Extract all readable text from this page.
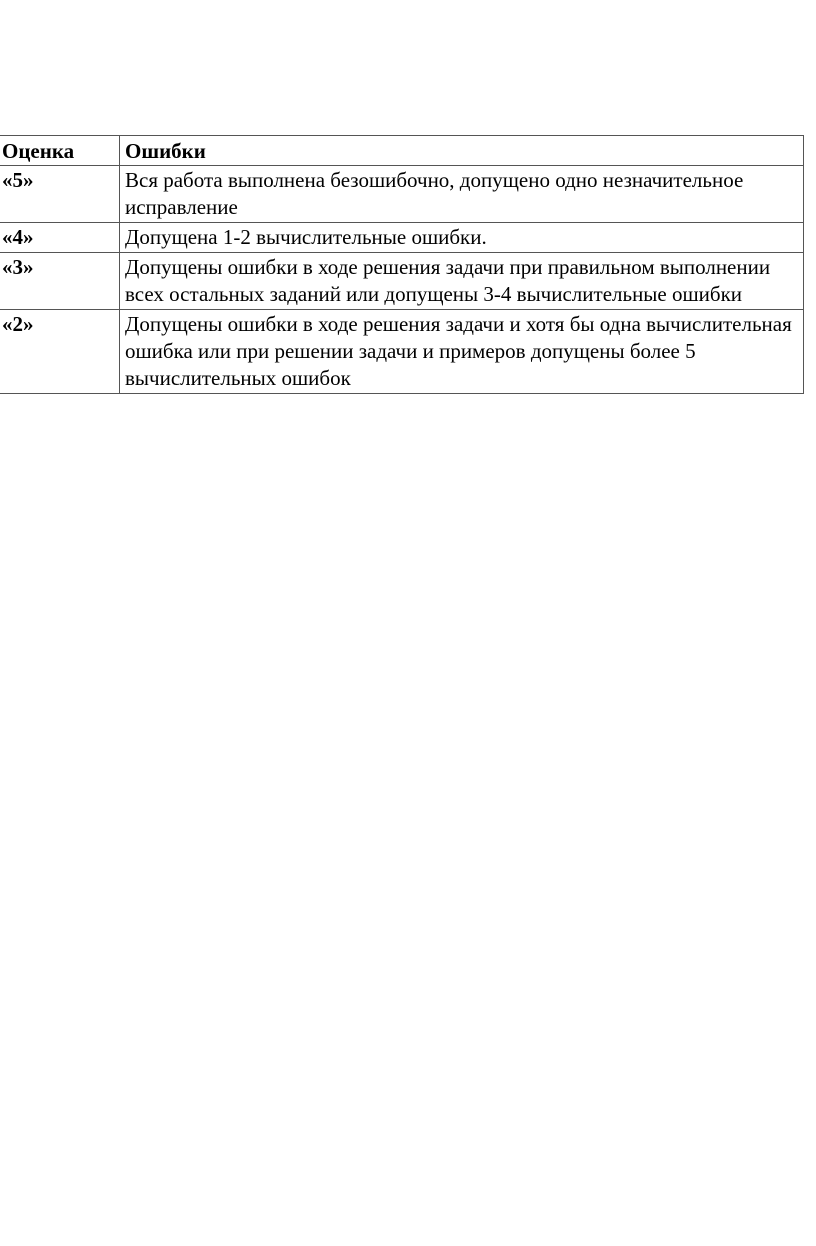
Оценка	Ошибки
«5»	Вся работа выполнена безошибочно, допущено одно незначительное исправление
«4»	Допущена 1-2 вычислительные ошибки.
«3»	Допущены ошибки в ходе решения задачи при правильном выполнении всех остальных заданий или допущены 3-4 вычислительные ошибки
«2»	Допущены ошибки в ходе решения задачи и хотя бы одна вычислительная ошибка или при решении задачи и примеров допущены более 5 вычислительных ошибок
